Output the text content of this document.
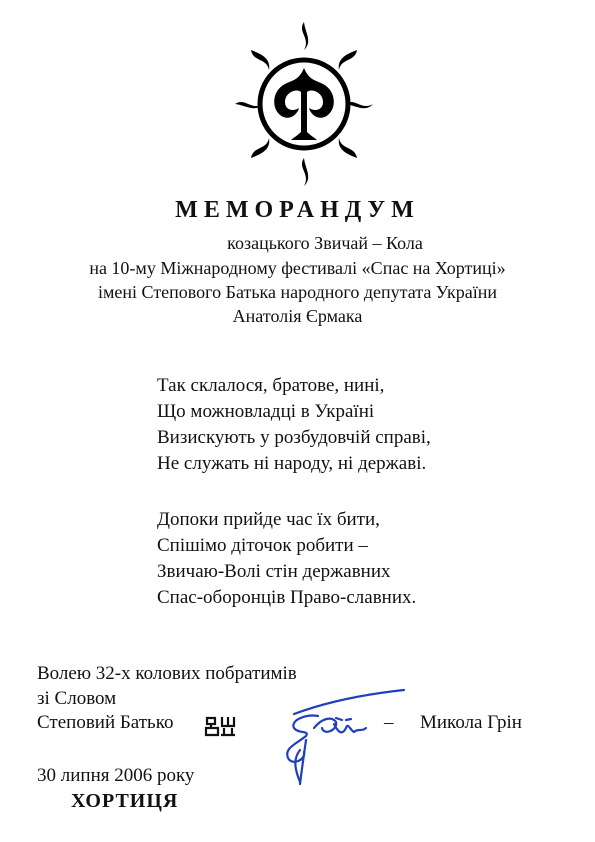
МЕМОРАНДУМ
козацького Звичай – Кола
на 10-му Міжнародному фестивалі «Спас на Хортиці»
імені Степового Батька народного депутата України
Анатолія Єрмака
Так склалося, братове, нині,
Що можновладці в Україні
Визискують у розбудовчій справі,
Не служать ні народу, ні державі.
Допоки прийде час їх бити,
Спішімо діточок робити –
Звичаю-Волі стін державних
Спас-оборонців Право-славних.
Волею 32-х колових побратимів
зі Словом
Степовий Батько	– Микола Грін
30 липня 2006 року
ХОРТИЦЯ
